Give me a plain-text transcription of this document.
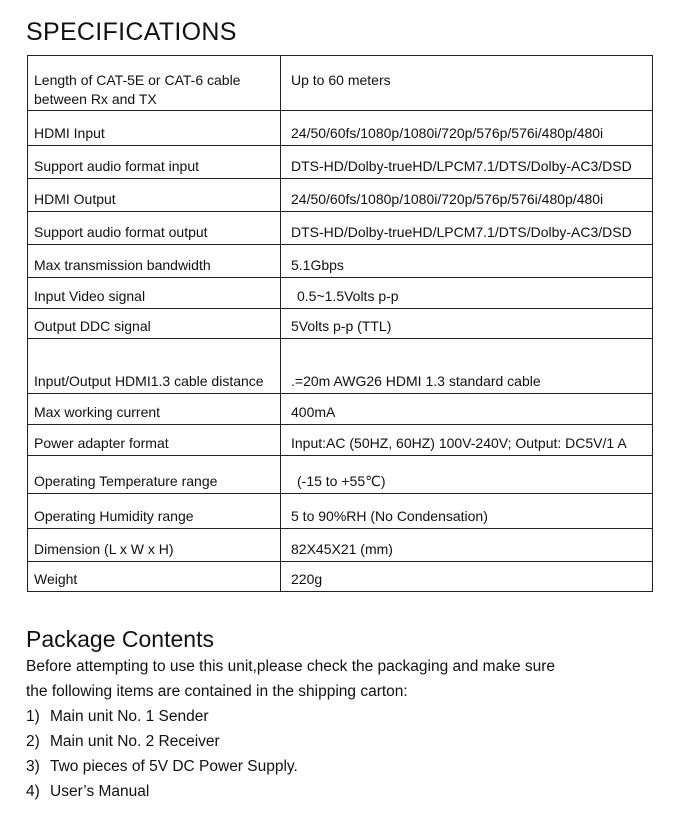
SPECIFICATIONS
Length of CAT-5E or CAT-6 cable between Rx and TX	Up to 60 meters
HDMI Input	24/50/60fs/1080p/1080i/720p/576p/576i/480p/480i
Support audio format input	DTS-HD/Dolby-trueHD/LPCM7.1/DTS/Dolby-AC3/DSD
HDMI Output	24/50/60fs/1080p/1080i/720p/576p/576i/480p/480i
Support audio format output	DTS-HD/Dolby-trueHD/LPCM7.1/DTS/Dolby-AC3/DSD
Max transmission bandwidth	5.1Gbps
Input Video signal	0.5~1.5Volts p-p
Output DDC signal	5Volts p-p (TTL)
Input/Output HDMI1.3 cable distance	.=20m AWG26 HDMI 1.3 standard cable
Max working current	400mA
Power adapter format	Input:AC (50HZ, 60HZ) 100V-240V; Output: DC5V/1 A
Operating Temperature range	(-15 to +55℃)
Operating Humidity range	5 to 90%RH (No Condensation)
Dimension (L x W x H)	82X45X21 (mm)
Weight	220g
Package Contents

Before attempting to use this unit,please check the packaging and make sure

the following items are contained in the shipping carton:

1) Main unit No. 1 Sender
2) Main unit No. 2 Receiver
3) Two pieces of 5V DC Power Supply.
4) User’s Manual
